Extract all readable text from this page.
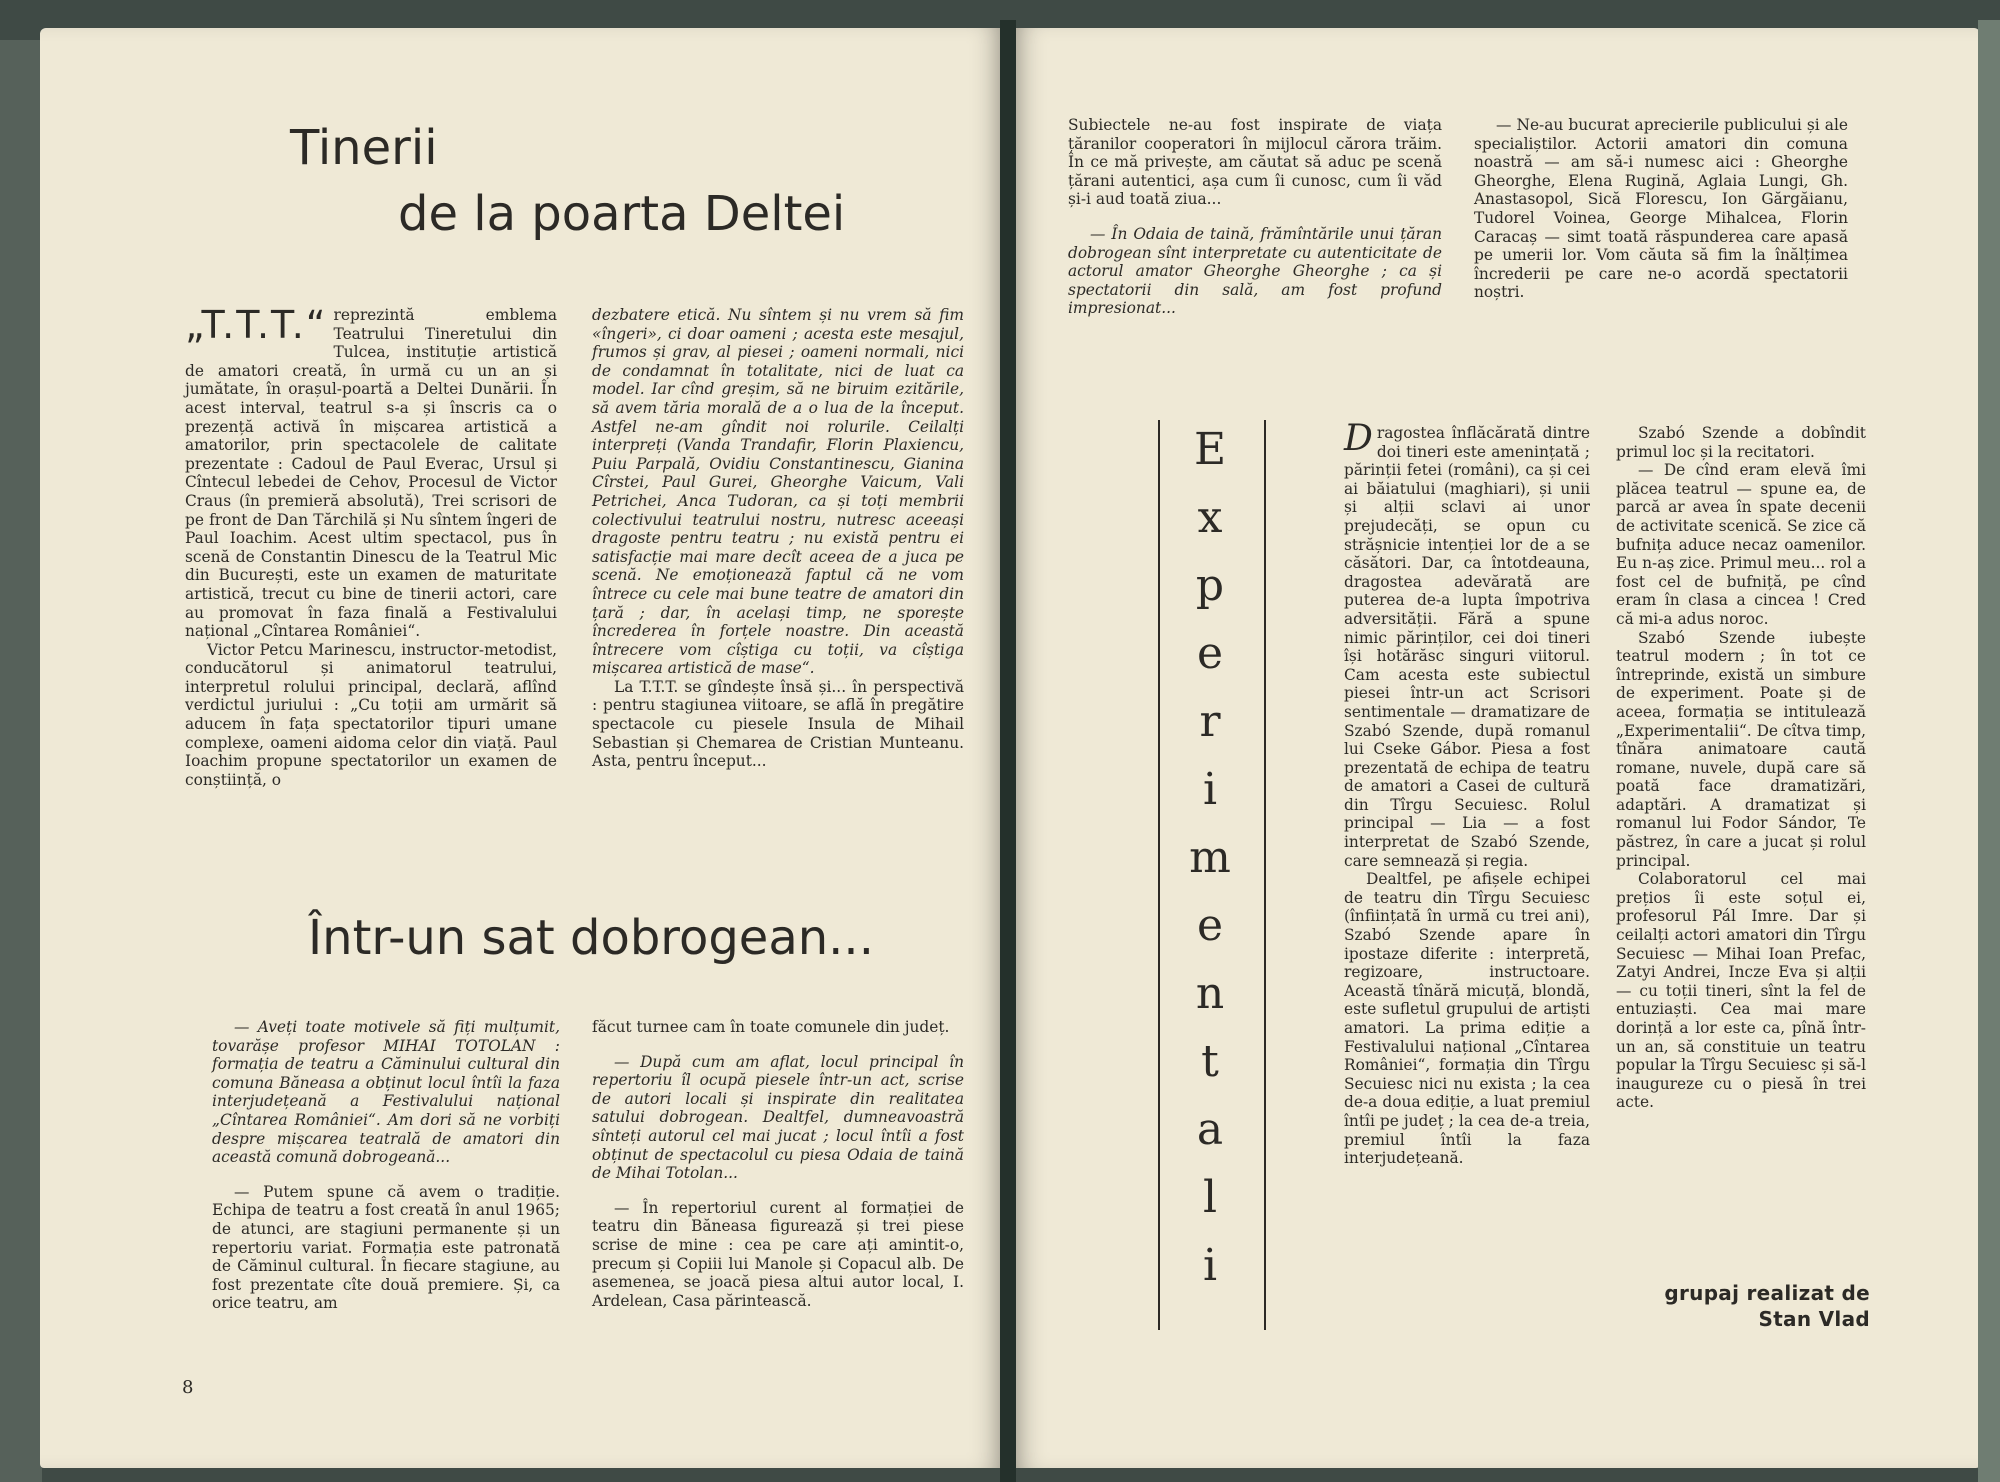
Tinerii
de la poarta Deltei
„T.T.T.“ reprezintă emblema Teatrului Tineretului din Tulcea, instituție artistică de amatori creată, în urmă cu un an și jumătate, în orașul-poartă a Deltei Dunării. În acest interval, teatrul s-a și înscris ca o prezență activă în mișcarea artistică a amatorilor, prin spectacolele de calitate prezentate : Cadoul de Paul Everac, Ursul și Cîntecul lebedei de Cehov, Procesul de Victor Craus (în premieră absolută), Trei scrisori de pe front de Dan Tărchilă și Nu sîntem îngeri de Paul Ioachim. Acest ultim spectacol, pus în scenă de Constantin Dinescu de la Teatrul Mic din București, este un examen de maturitate artistică, trecut cu bine de tinerii actori, care au promovat în faza finală a Festivalului național „Cîntarea României“.

Victor Petcu Marinescu, instructor-metodist, conducătorul și animatorul teatrului, interpretul rolului principal, declară, aflînd verdictul juriului : „Cu toții am urmărit să aducem în fața spectatorilor tipuri umane complexe, oameni aidoma celor din viață. Paul Ioachim propune spectatorilor un examen de conștiință, o

dezbatere etică. Nu sîntem și nu vrem să fim «îngeri», ci doar oameni ; acesta este mesajul, frumos și grav, al piesei ; oameni normali, nici de condamnat în totalitate, nici de luat ca model. Iar cînd greșim, să ne biruim ezitările, să avem tăria morală de a o lua de la început. Astfel ne-am gîndit noi rolurile. Ceilalți interpreți (Vanda Trandafir, Florin Plaxiencu, Puiu Parpală, Ovidiu Constantinescu, Gianina Cîrstei, Paul Gurei, Gheorghe Vaicum, Vali Petrichei, Anca Tudoran, ca și toți membrii colectivului teatrului nostru, nutresc aceeași dragoste pentru teatru ; nu există pentru ei satisfacție mai mare decît aceea de a juca pe scenă. Ne emoționează faptul că ne vom întrece cu cele mai bune teatre de amatori din țară ; dar, în același timp, ne sporește încrederea în forțele noastre. Din această întrecere vom cîștiga cu toții, va cîștiga mișcarea artistică de mase“.

La T.T.T. se gîndește însă și... în perspectivă : pentru stagiunea viitoare, se află în pregătire spectacole cu piesele Insula de Mihail Sebastian și Chemarea de Cristian Munteanu. Asta, pentru început...

Într-un sat dobrogean...

— Aveți toate motivele să fiți mulțumit, tovarășe profesor MIHAI TOTOLAN : formația de teatru a Căminului cultural din comuna Băneasa a obținut locul întîi la faza interjudețeană a Festivalului național „Cîntarea României“. Am dori să ne vorbiți despre mișcarea teatrală de amatori din această comună dobrogeană...

— Putem spune că avem o tradiție. Echipa de teatru a fost creată în anul 1965; de atunci, are stagiuni permanente și un repertoriu variat. Formația este patronată de Căminul cultural. În fiecare stagiune, au fost prezentate cîte două premiere. Și, ca orice teatru, am

făcut turnee cam în toate comunele din județ.

— După cum am aflat, locul principal în repertoriu îl ocupă piesele într-un act, scrise de autori locali și inspirate din realitatea satului dobrogean. Dealtfel, dumneavoastră sînteți autorul cel mai jucat ; locul întîi a fost obținut de spectacolul cu piesa Odaia de taină de Mihai Totolan...

— În repertoriul curent al formației de teatru din Băneasa figurează și trei piese scrise de mine : cea pe care ați amintit-o, precum și Copiii lui Manole și Copacul alb. De asemenea, se joacă piesa altui autor local, I. Ardelean, Casa părintească.

8

Subiectele ne-au fost inspirate de viața țăranilor cooperatori în mijlocul cărora trăim. În ce mă privește, am căutat să aduc pe scenă țărani autentici, așa cum îi cunosc, cum îi văd și-i aud toată ziua...

— În Odaia de taină, frămîntările unui țăran dobrogean sînt interpretate cu autenticitate de actorul amator Gheorghe Gheorghe ; ca și spectatorii din sală, am fost profund impresionat...

— Ne-au bucurat aprecierile publicului și ale specialiștilor. Actorii amatori din comuna noastră — am să-i numesc aici : Gheorghe Gheorghe, Elena Rugină, Aglaia Lungi, Gh. Anastasopol, Sică Florescu, Ion Gărgăianu, Tudorel Voinea, George Mihalcea, Florin Caracaș — simt toată răspunderea care apasă pe umerii lor. Vom căuta să fim la înălțimea încrederii pe care ne-o acordă spectatorii noștri.

E
x
p
e
r
i
m
e
n
t
a
l
i

Dragostea înflăcărată dintre doi tineri este amenințată ; părinții fetei (români), ca și cei ai băiatului (maghiari), și unii și alții sclavi ai unor prejudecăți, se opun cu strășnicie intenției lor de a se căsători. Dar, ca întotdeauna, dragostea adevărată are puterea de-a lupta împotriva adversității. Fără a spune nimic părinților, cei doi tineri își hotărăsc singuri viitorul. Cam acesta este subiectul piesei într-un act Scrisori sentimentale — dramatizare de Szabó Szende, după romanul lui Cseke Gábor. Piesa a fost prezentată de echipa de teatru de amatori a Casei de cultură din Tîrgu Secuiesc. Rolul principal — Lia — a fost interpretat de Szabó Szende, care semnează și regia.

Dealtfel, pe afișele echipei de teatru din Tîrgu Secuiesc (înființată în urmă cu trei ani), Szabó Szende apare în ipostaze diferite : interpretă, regizoare, instructoare. Această tînără micuță, blondă, este sufletul grupului de artiști amatori. La prima ediție a Festivalului național „Cîntarea României“, formația din Tîrgu Secuiesc nici nu exista ; la cea de-a doua ediție, a luat premiul întîi pe județ ; la cea de-a treia, premiul întîi la faza interjudețeană.

Szabó Szende a dobîndit primul loc și la recitatori.

— De cînd eram elevă îmi plăcea teatrul — spune ea, de parcă ar avea în spate decenii de activitate scenică. Se zice că bufnița aduce necaz oamenilor. Eu n-aș zice. Primul meu... rol a fost cel de bufniță, pe cînd eram în clasa a cincea ! Cred că mi-a adus noroc.

Szabó Szende iubește teatrul modern ; în tot ce întreprinde, există un simbure de experiment. Poate și de aceea, formația se intitulează „Experimentalii“. De cîtva timp, tînăra animatoare caută romane, nuvele, după care să poată face dramatizări, adaptări. A dramatizat și romanul lui Fodor Sándor, Te păstrez, în care a jucat și rolul principal.

Colaboratorul cel mai prețios îi este soțul ei, profesorul Pál Imre. Dar și ceilalți actori amatori din Tîrgu Secuiesc — Mihai Ioan Prefac, Zatyi Andrei, Incze Eva și alții — cu toții tineri, sînt la fel de entuziaști. Cea mai mare dorință a lor este ca, pînă într-un an, să constituie un teatru popular la Tîrgu Secuiesc și să-l inaugureze cu o piesă în trei acte.

grupaj realizat de
Stan Vlad
